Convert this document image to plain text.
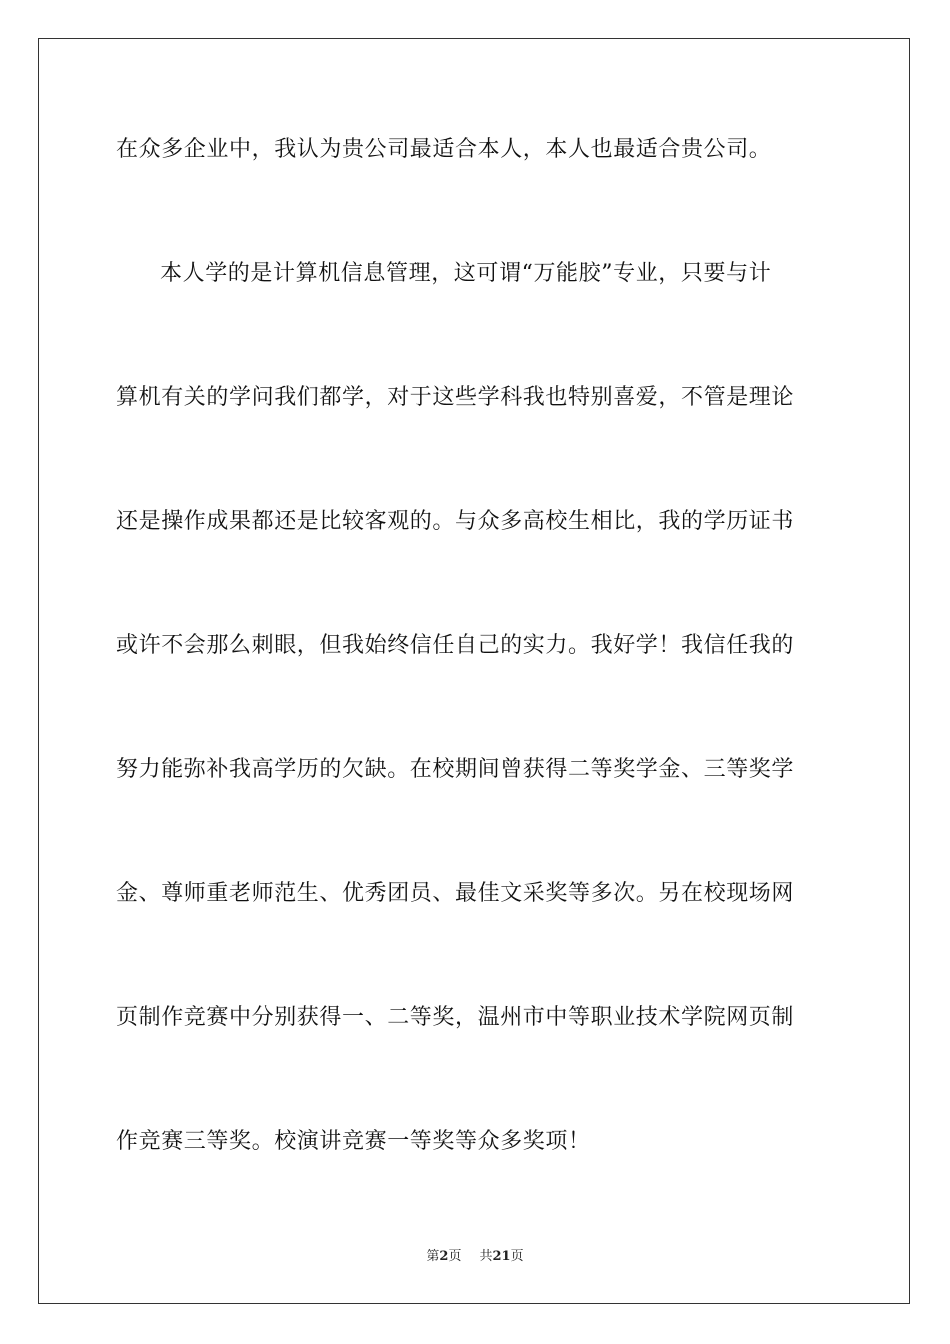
在众多企业中，我认为贵公司最适合本人，本人也最适合贵公司。
本人学的是计算机信息管理，这可谓“万能胶”专业，只要与计
算机有关的学问我们都学，对于这些学科我也特别喜爱，不管是理论
还是操作成果都还是比较客观的。与众多高校生相比，我的学历证书
或许不会那么刺眼，但我始终信任自己的实力。我好学！我信任我的
努力能弥补我高学历的欠缺。在校期间曾获得二等奖学金、三等奖学
金、尊师重老师范生、优秀团员、最佳文采奖等多次。另在校现场网
页制作竞赛中分别获得一、二等奖，温州市中等职业技术学院网页制
作竞赛三等奖。校演讲竞赛一等奖等众多奖项！
第2页 共21页
